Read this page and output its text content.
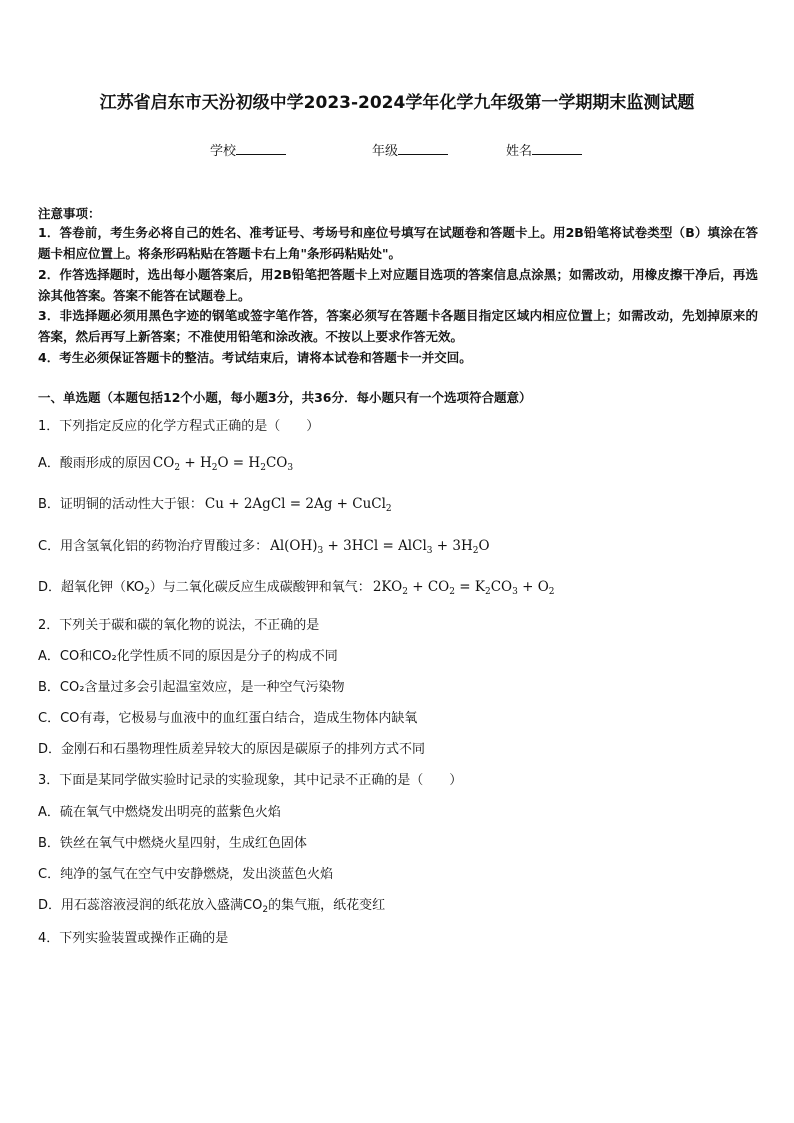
江苏省启东市天汾初级中学2023-2024学年化学九年级第一学期期末监测试题
学校	年级	姓名
注意事项：
1．答卷前，考生务必将自己的姓名、准考证号、考场号和座位号填写在试题卷和答题卡上。用2B铅笔将试卷类型（B）填涂在答题卡相应位置上。将条形码粘贴在答题卡右上角"条形码粘贴处"。
2．作答选择题时，选出每小题答案后，用2B铅笔把答题卡上对应题目选项的答案信息点涂黑；如需改动，用橡皮擦干净后，再选涂其他答案。答案不能答在试题卷上。
3．非选择题必须用黑色字迹的钢笔或签字笔作答，答案必须写在答题卡各题目指定区域内相应位置上；如需改动，先划掉原来的答案，然后再写上新答案；不准使用铅笔和涂改液。不按以上要求作答无效。
4．考生必须保证答题卡的整洁。考试结束后，请将本试卷和答题卡一并交回。
一、单选题（本题包括12个小题，每小题3分，共36分．每小题只有一个选项符合题意）
1．下列指定反应的化学方程式正确的是（　　）
A．酸雨形成的原因 $CO_2 + H_2O = H_2CO_3$
B．证明铜的活动性大于银： Cu + 2AgCl = 2Ag + CuCl$_2$
C．用含氢氧化铝的药物治疗胃酸过多： $Al(OH)_3 + 3HCl$ = AlCl$_3$ + $3H_2O$
D．超氧化钾$(KO_2)$与二氧化碳反应生成碳酸钾和氧气： $2KO_2 + CO_2 = K_2CO_3 + O_2$
2．下列关于碳和碳的氧化物的说法，不正确的是
A．CO和CO₂化学性质不同的原因是分子的构成不同
B．CO₂含量过多会引起温室效应，是一种空气污染物
C．CO有毒，它极易与血液中的血红蛋白结合，造成生物体内缺氧
D．金刚石和石墨物理性质差异较大的原因是碳原子的排列方式不同
3．下面是某同学做实验时记录的实验现象，其中记录不正确的是（　　）
A．硫在氧气中燃烧发出明亮的蓝紫色火焰
B．铁丝在氧气中燃烧火星四射，生成红色固体
C．纯净的氢气在空气中安静燃烧，发出淡蓝色火焰
D．用石蕊溶液浸润的纸花放入盛满$CO_2$的集气瓶，纸花变红
4．下列实验装置或操作正确的是
